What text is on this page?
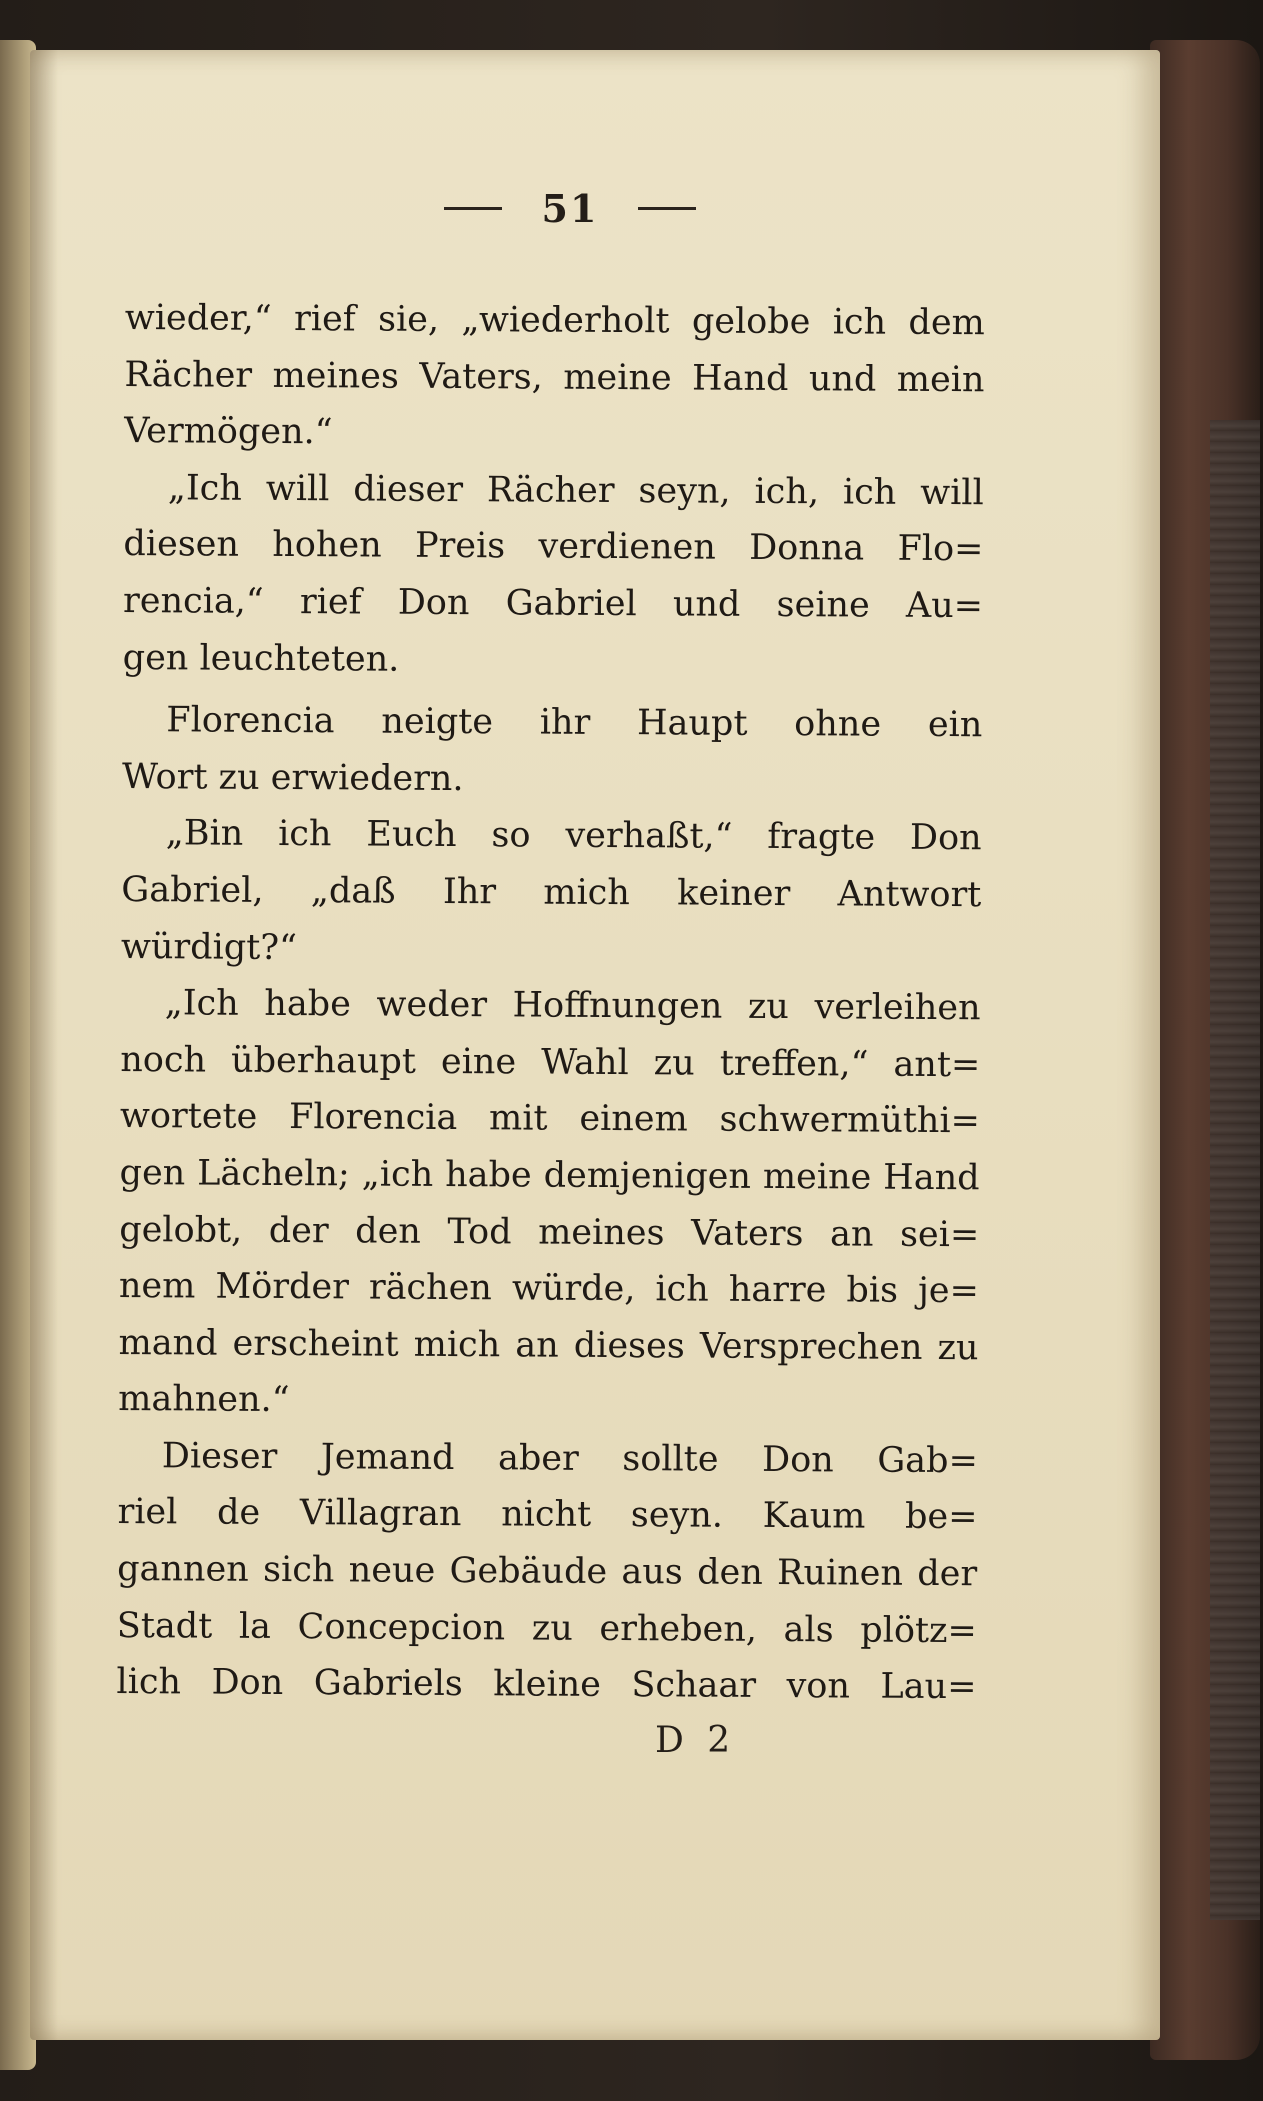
51
wieder,“ rief sie, „wiederholt gelobe ich dem
Rächer meines Vaters, meine Hand und mein
Vermögen.“
„Ich will dieser Rächer seyn, ich, ich will
diesen hohen Preis verdienen Donna Flo=
rencia,“ rief Don Gabriel und seine Au=
gen leuchteten.
Florencia neigte ihr Haupt ohne ein
Wort zu erwiedern.
„Bin ich Euch so verhaßt,“ fragte Don
Gabriel, „daß Ihr mich keiner Antwort
würdigt?“
„Ich habe weder Hoffnungen zu verleihen
noch überhaupt eine Wahl zu treffen,“ ant=
wortete Florencia mit einem schwermüthi=
gen Lächeln; „ich habe demjenigen meine Hand
gelobt, der den Tod meines Vaters an sei=
nem Mörder rächen würde, ich harre bis je=
mand erscheint mich an dieses Versprechen zu
mahnen.“
Dieser Jemand aber sollte Don Gab=
riel de Villagran nicht seyn. Kaum be=
gannen sich neue Gebäude aus den Ruinen der
Stadt la Concepcion zu erheben, als plötz=
lich Don Gabriels kleine Schaar von Lau=
D 2
